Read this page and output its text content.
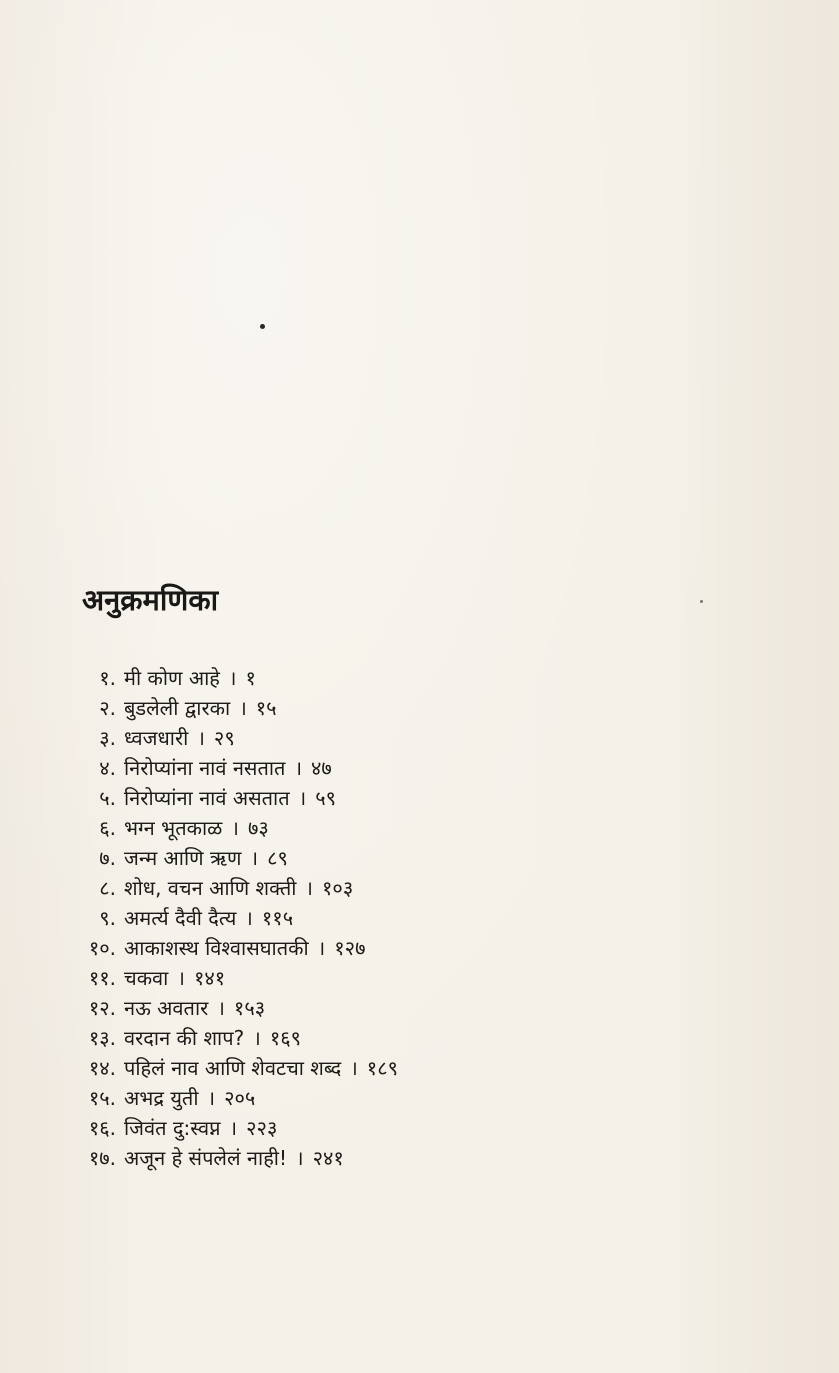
अनुक्रमणिका
१. मी कोण आहे । १
२. बुडलेली द्वारका । १५
३. ध्वजधारी । २९
४. निरोप्यांना नावं नसतात । ४७
५. निरोप्यांना नावं असतात । ५९
६. भग्न भूतकाळ । ७३
७. जन्म आणि ऋण । ८९
८. शोध, वचन आणि शक्ती । १०३
९. अमर्त्य दैवी दैत्य । ११५
१०. आकाशस्थ विश्वासघातकी । १२७
११. चकवा । १४१
१२. नऊ अवतार । १५३
१३. वरदान की शाप? । १६९
१४. पहिलं नाव आणि शेवटचा शब्द । १८९
१५. अभद्र युती । २०५
१६. जिवंत दु:स्वप्न । २२३
१७. अजून हे संपलेलं नाही! । २४१
